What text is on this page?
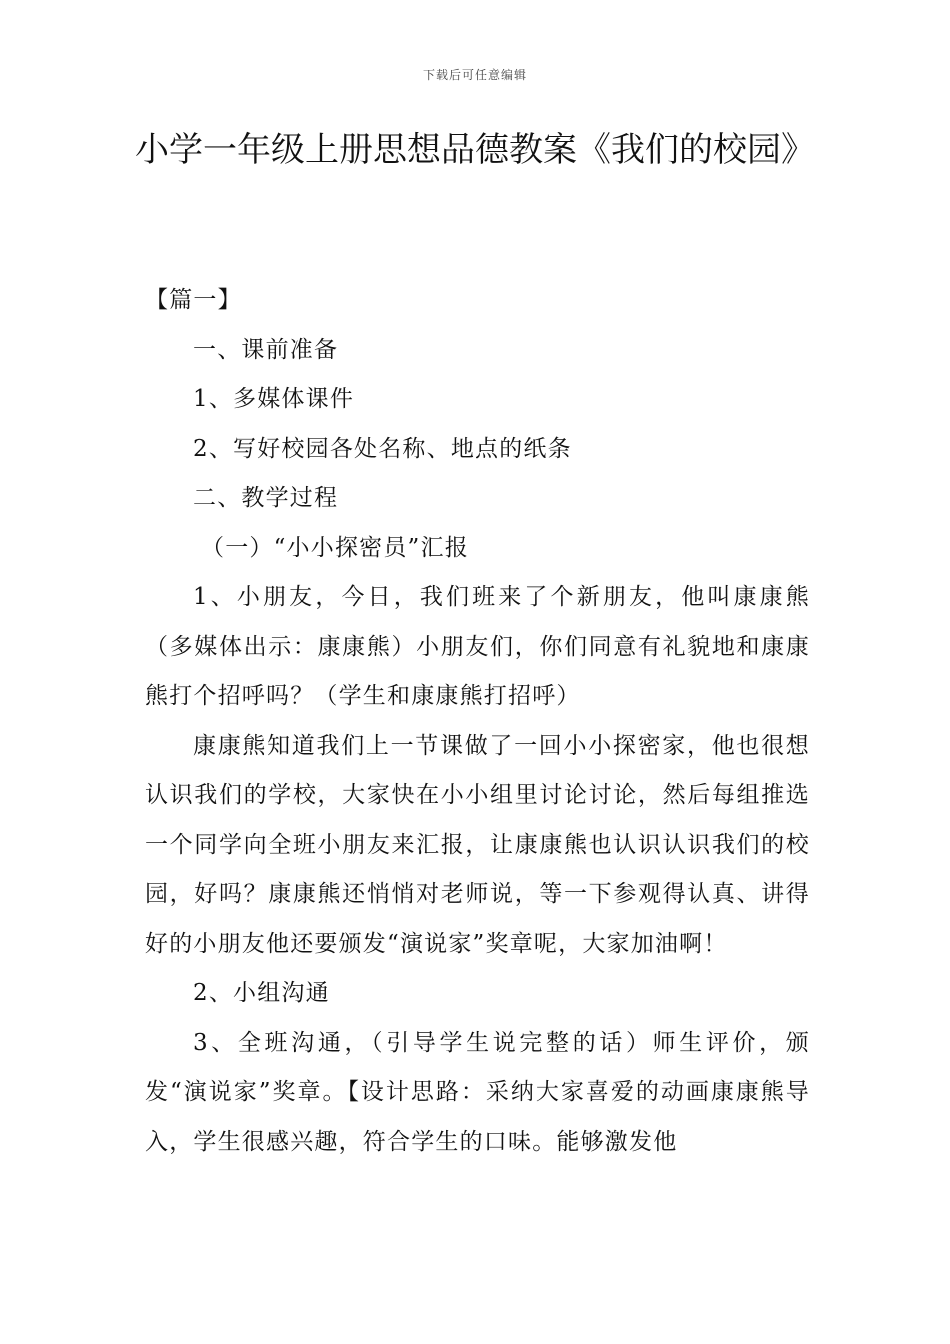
下载后可任意编辑
小学一年级上册思想品德教案《我们的校园》

【篇一】

一、课前准备

1、多媒体课件

2、写好校园各处名称、地点的纸条

二、教学过程

（一）“小小探密员”汇报

1、小朋友，今日，我们班来了个新朋友，他叫康康熊（多媒体出示：康康熊）小朋友们，你们同意有礼貌地和康康熊打个招呼吗？（学生和康康熊打招呼）

康康熊知道我们上一节课做了一回小小探密家，他也很想认识我们的学校，大家快在小小组里讨论讨论，然后每组推选一个同学向全班小朋友来汇报，让康康熊也认识认识我们的校园，好吗？康康熊还悄悄对老师说，等一下参观得认真、讲得好的小朋友他还要颁发“演说家”奖章呢，大家加油啊！

2、小组沟通

3、全班沟通，（引导学生说完整的话）师生评价，颁发“演说家”奖章。【设计思路：采纳大家喜爱的动画康康熊导入，学生很感兴趣，符合学生的口味。能够激发他
